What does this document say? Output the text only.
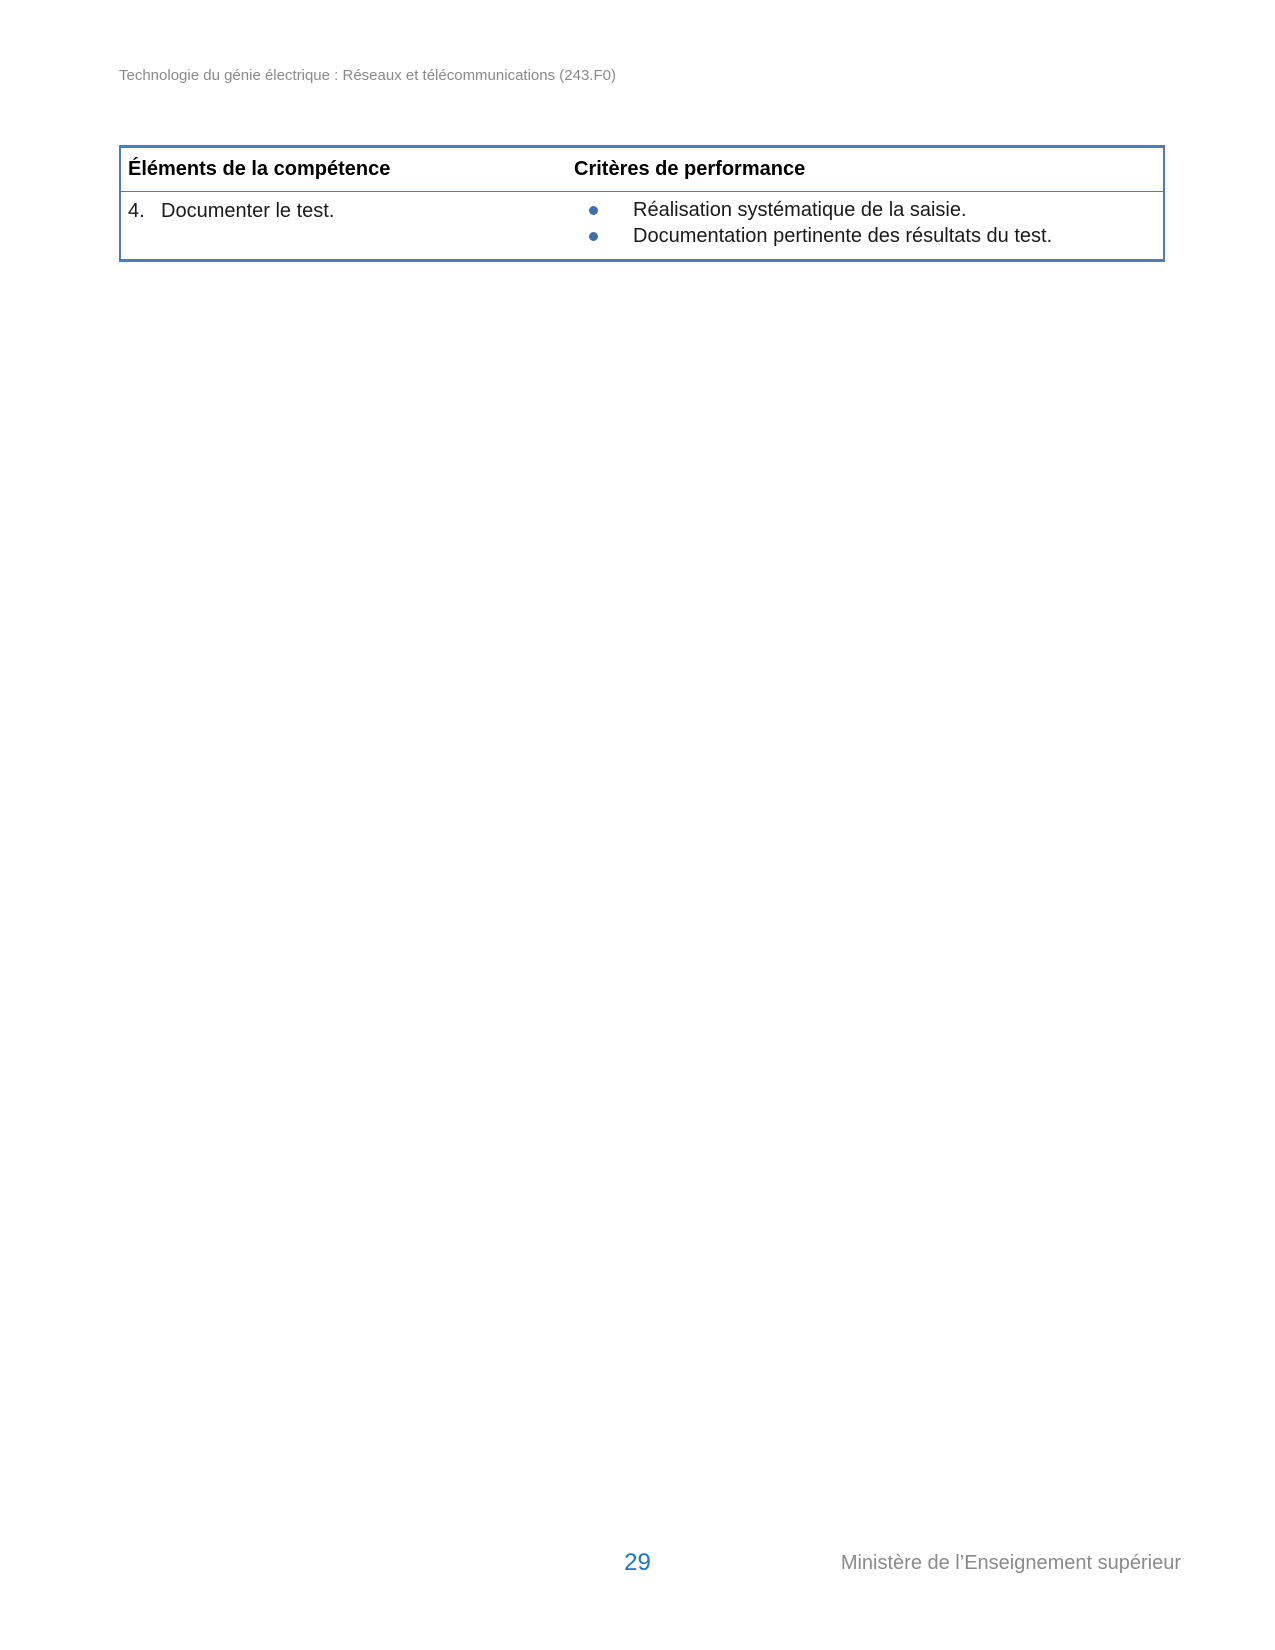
Technologie du génie électrique : Réseaux et télécommunications (243.F0)
Éléments de la compétence	Critères de performance
4. Documenter le test.	Réalisation systématique de la saisie.
Documentation pertinente des résultats du test.
29	Ministère de l’Enseignement supérieur
